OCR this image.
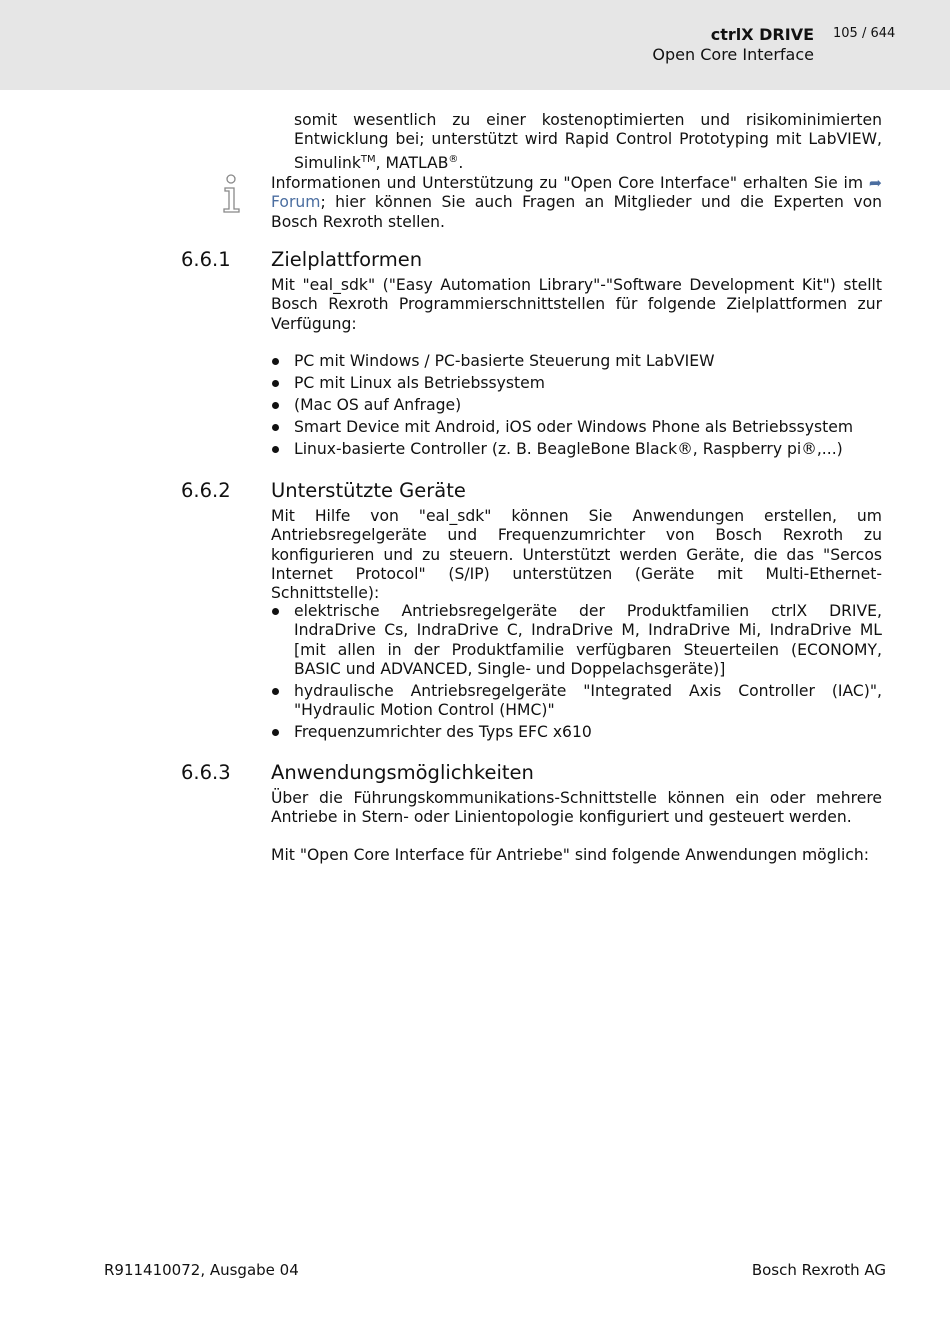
ctrlX DRIVE
Open Core Interface
105 / 644

somit wesentlich zu einer kostenoptimierten und risikominimierten Entwicklung bei; unterstützt wird Rapid Control Prototyping mit LabVIEW, Simulink™, MATLAB®.

Informationen und Unterstützung zu "Open Core Interface" erhalten Sie im ➦ Forum; hier können Sie auch Fragen an Mitglieder und die Experten von Bosch Rexroth stellen.

6.6.1 Zielplattformen

Mit "eal_sdk" ("Easy Automation Library"-"Software Development Kit") stellt Bosch Rexroth Programmierschnittstellen für folgende Zielplattformen zur Verfügung:

PC mit Windows / PC-basierte Steuerung mit LabVIEW
PC mit Linux als Betriebssystem
(Mac OS auf Anfrage)
Smart Device mit Android, iOS oder Windows Phone als Betriebssystem
Linux-basierte Controller (z. B. BeagleBone Black®, Raspberry pi®,...)
6.6.2 Unterstützte Geräte

Mit Hilfe von "eal_sdk" können Sie Anwendungen erstellen, um Antriebsregelgeräte und Frequenzumrichter von Bosch Rexroth zu konfigurieren und zu steuern. Unterstützt werden Geräte, die das "Sercos Internet Protocol" (S/IP) unterstützen (Geräte mit Multi-Ethernet-Schnittstelle):

elektrische Antriebsregelgeräte der Produktfamilien ctrlX DRIVE, IndraDrive Cs, IndraDrive C, IndraDrive M, IndraDrive Mi, IndraDrive ML [mit allen in der Produktfamilie verfügbaren Steuerteilen (ECONOMY, BASIC und ADVANCED, Single- und Doppelachsgeräte)]
hydraulische Antriebsregelgeräte "Integrated Axis Controller (IAC)", "Hydraulic Motion Control (HMC)"
Frequenzumrichter des Typs EFC x610
6.6.3 Anwendungsmöglichkeiten

Über die Führungskommunikations-Schnittstelle können ein oder mehrere Antriebe in Stern- oder Linientopologie konfiguriert und gesteuert werden.

Mit "Open Core Interface für Antriebe" sind folgende Anwendungen möglich:

R911410072, Ausgabe 04	Bosch Rexroth AG
